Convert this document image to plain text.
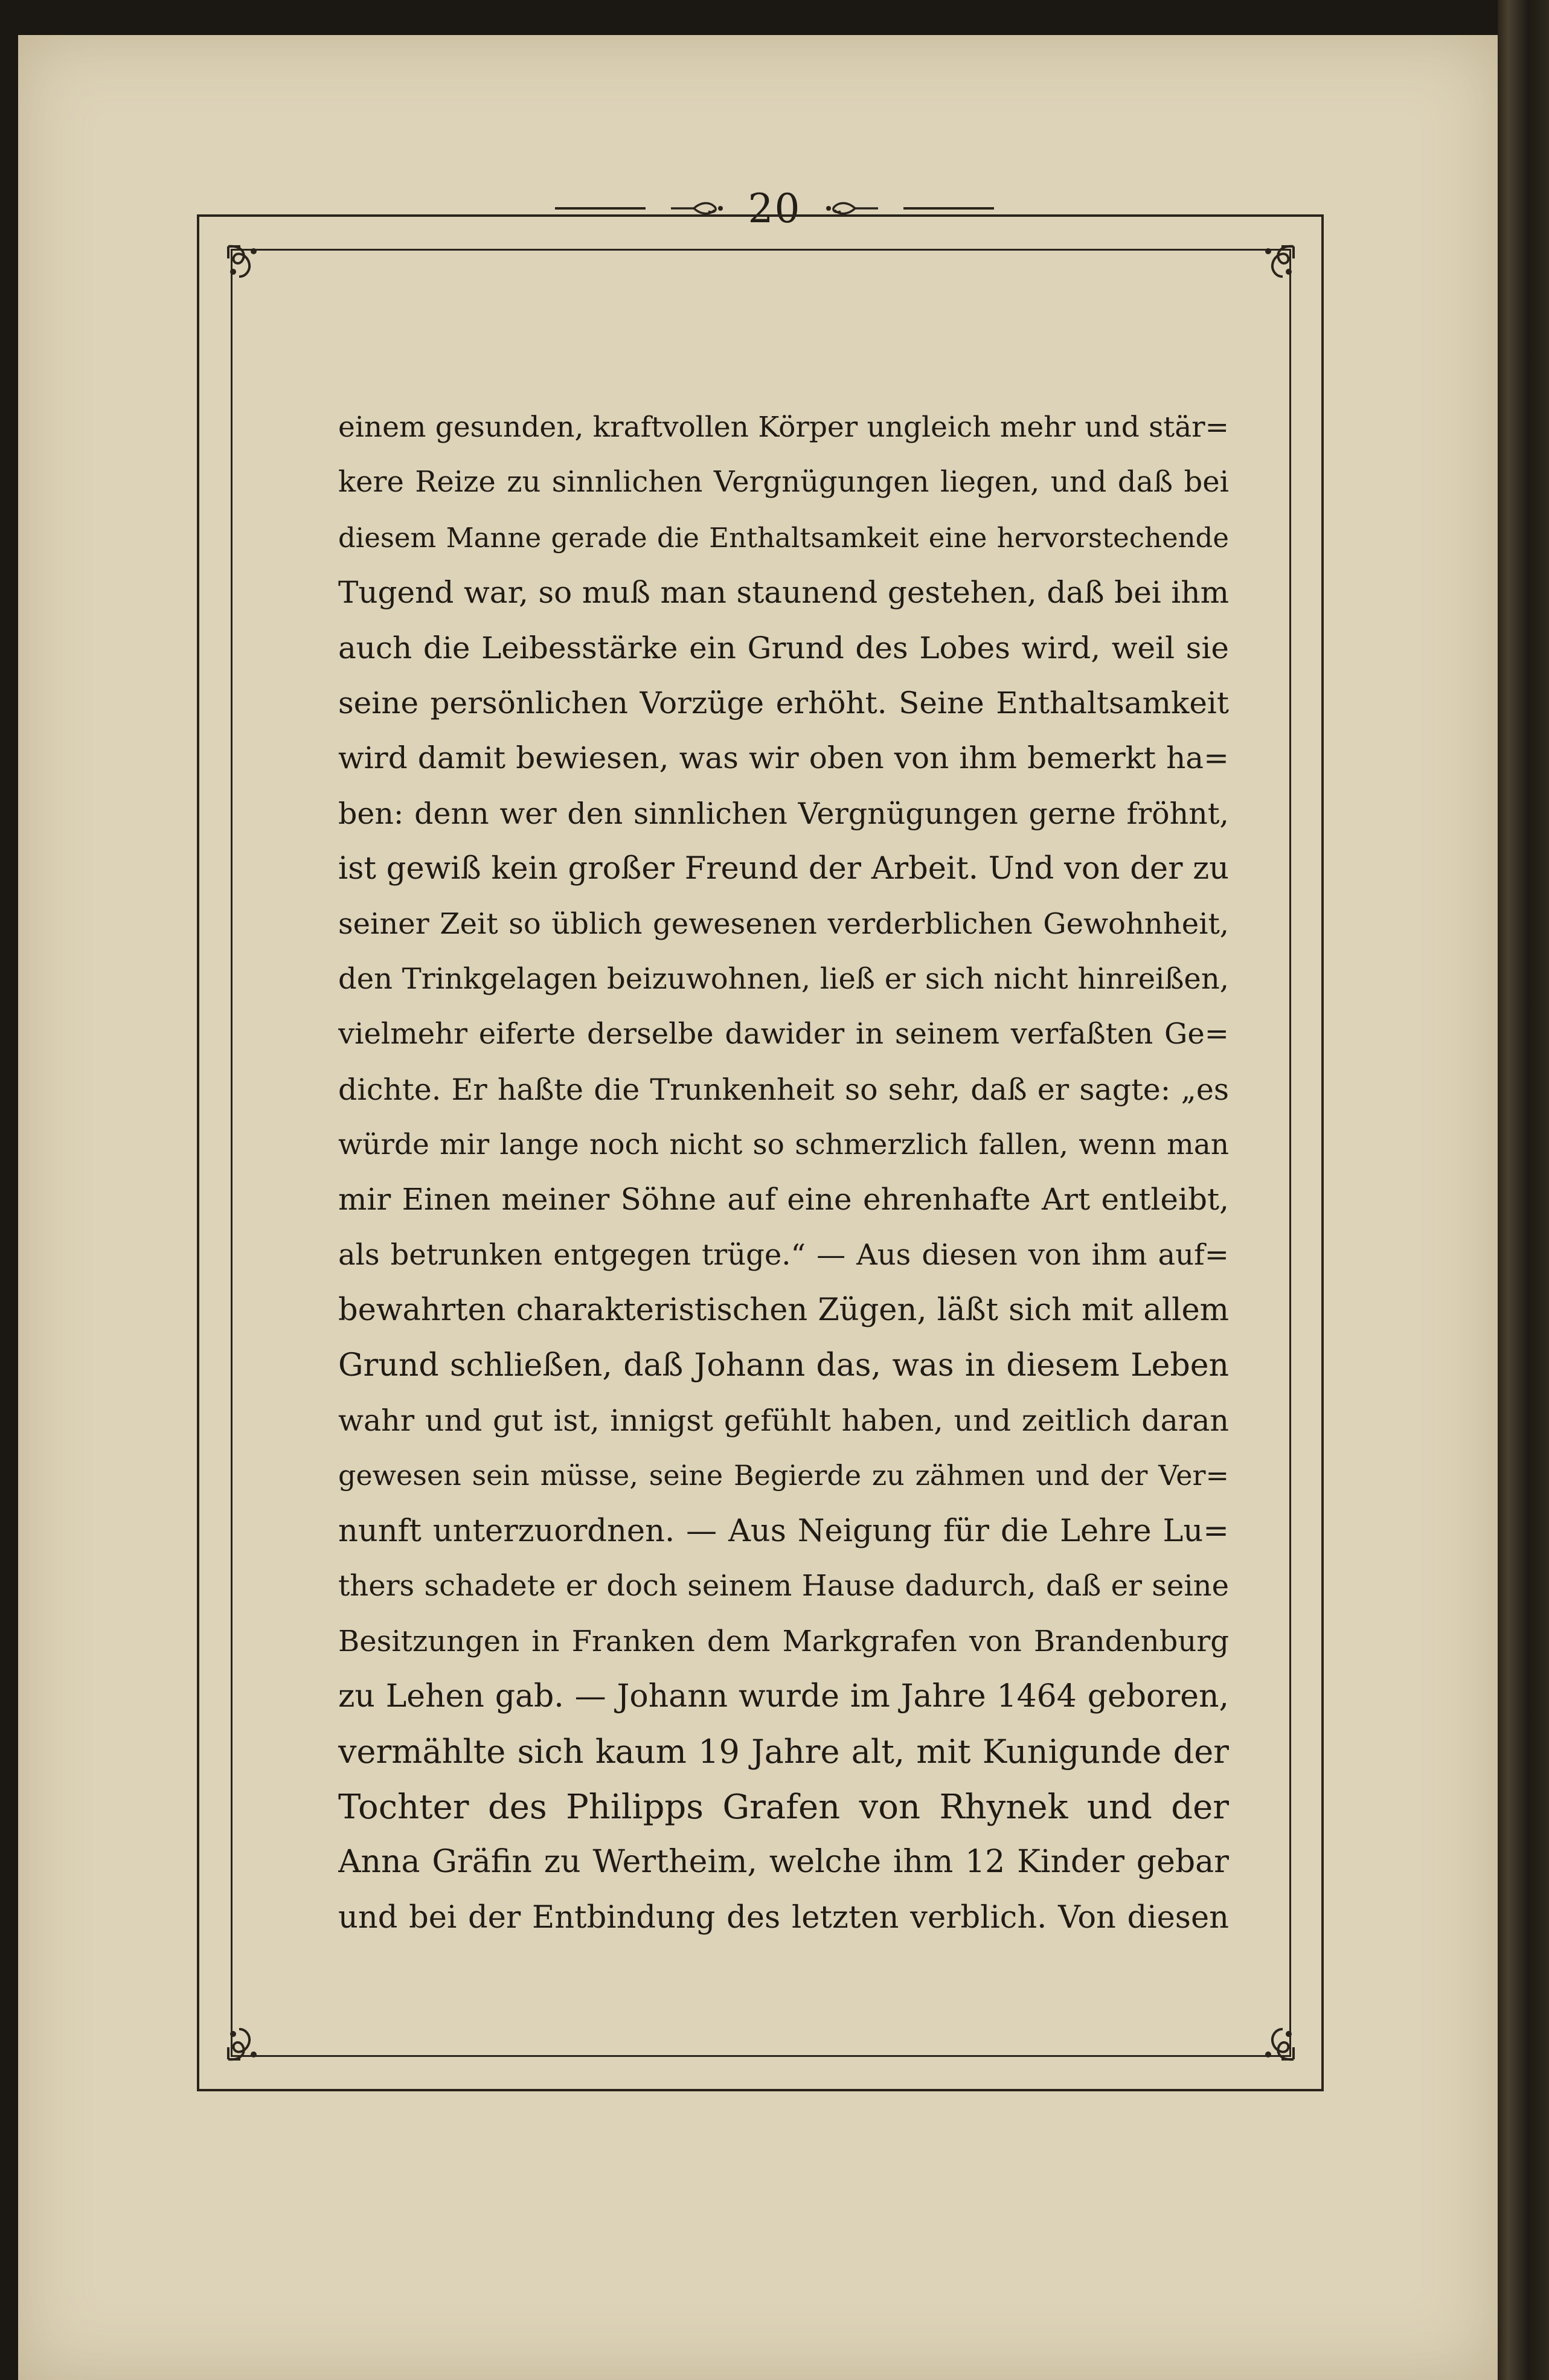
20
einem gesunden, kraftvollen Körper ungleich mehr und stär=
kere Reize zu sinnlichen Vergnügungen liegen, und daß bei
diesem Manne gerade die Enthaltsamkeit eine hervorstechende
Tugend war, so muß man staunend gestehen, daß bei ihm
auch die Leibesstärke ein Grund des Lobes wird, weil sie
seine persönlichen Vorzüge erhöht. Seine Enthaltsamkeit
wird damit bewiesen, was wir oben von ihm bemerkt ha=
ben: denn wer den sinnlichen Vergnügungen gerne fröhnt,
ist gewiß kein großer Freund der Arbeit. Und von der zu
seiner Zeit so üblich gewesenen verderblichen Gewohnheit,
den Trinkgelagen beizuwohnen, ließ er sich nicht hinreißen,
vielmehr eiferte derselbe dawider in seinem verfaßten Ge=
dichte. Er haßte die Trunkenheit so sehr, daß er sagte: „es
würde mir lange noch nicht so schmerzlich fallen, wenn man
mir Einen meiner Söhne auf eine ehrenhafte Art entleibt,
als betrunken entgegen trüge.“ — Aus diesen von ihm auf=
bewahrten charakteristischen Zügen, läßt sich mit allem
Grund schließen, daß Johann das, was in diesem Leben
wahr und gut ist, innigst gefühlt haben, und zeitlich daran
gewesen sein müsse, seine Begierde zu zähmen und der Ver=
nunft unterzuordnen. — Aus Neigung für die Lehre Lu=
thers schadete er doch seinem Hause dadurch, daß er seine
Besitzungen in Franken dem Markgrafen von Brandenburg
zu Lehen gab. — Johann wurde im Jahre 1464 geboren,
vermählte sich kaum 19 Jahre alt, mit Kunigunde der
Tochter des Philipps Grafen von Rhynek und der
Anna Gräfin zu Wertheim, welche ihm 12 Kinder gebar
und bei der Entbindung des letzten verblich. Von diesen
